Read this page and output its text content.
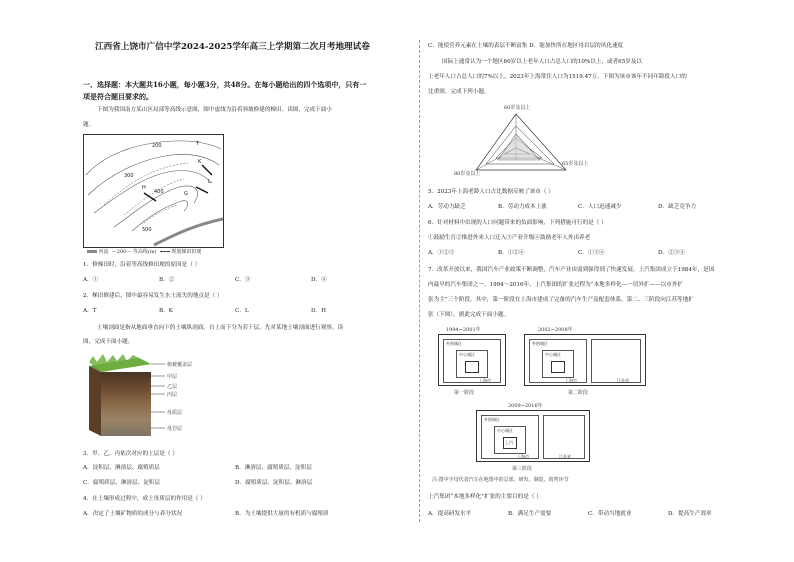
江西省上饶市广信中学2024-2025学年高三上学期第二次月考地理试卷
一、选择题：本大题共16小题，每小题3分，共48分。在每小题给出的四个选项中，只有一
项是符合题目要求的。
下图为我国南方某山区局部等高线示意图，图中虚线为沿着斜坡修建的梯田。读图，完成下面小
题。
200
300
400
500
T
K
L
H
G
河流 —200— 等高线(m)	规划梯田田埂
1．修梯田时，沿着等高线修田埂的原因是（ ）
A．①	B．②	C．③	D．④
2．梯田修建后，图中最容易发生水土流失的地点是（ ）
A．T	B．K	C．L	D．H
土壤剖面是指从地面垂直向下的土壤纵剖面，自上而下分为若干层。先对某地土壤剖面进行观察。读
图，完成下面小题。
植被覆盖层
甲层
乙层
丙层
母质层
母岩层
3．甲、乙、丙依次对应的土层是（ ）
A．淀积层、淋溶层、腐殖质层	B．淋溶层、腐殖质层、淀积层
C．腐殖质层、淋溶层、淀积层	D．腐殖质层、淀积层、淋溶层
4．在土壤形成过程中，成土母质层的作用是（ ）
A．决定了土壤矿物质的成分与养分状况	B．为土壤提供大量的有机质与腐殖质
C．能使营养元素在土壤的表层不断富集 D．能加快所在地区母岩层的风化速度
国际上通常认为一个地区60岁以上老年人口占总人口的10%以上，或者65岁及以
上老年人口占总人口的7%以上，2023年上海常住人口为1519.47万，下图为该市该年不同年龄段人口的
比重图。完成下列小题。
60岁及以上
80岁及以上
65岁及以上
5．2023年上海老龄人口占比数据反映了该市（ ）
A．劳动力缺乏	B．劳动力成本上涨	C．人口迅速减少	D．缺乏竞争力
6．针对材料中出现的人口问题带来的负面影响，下列措施可行的是（ ）
①鼓励生育②推进外来人口迁入③产业升级④鼓励老年人外出养老
A．①②③	B．①②④	C．①③④	D．②③④
7．改革开放以来，我国汽车产业政策不断调整，汽车产业由弱到强得到了快速发展。上汽集团成立于1984年，是国
内最早的汽车集团之一，1994～2016年，上汽集团的扩张过程为“本地多样化—一切外扩——以市外扩
张为主”三个阶段。其中，第一阶段在上海市建成了完备的汽车生产及配套体系，第二、三阶段向江苏等地扩
张（下图）。据此完成下面小题。
1994~2001年
外围城区
中心城区
上海市
第一阶段
2002~2008年
外围城区
中心城区
上海市	江苏省
第二阶段
2009~2016年
外围城区
中心城区
上汽
上海市	江苏省
第三阶段
注:图中字母代表汽车在地图中的总部、研发、制造、销售环节
上汽集团“本地多样化”扩张的主要目的是（ ）
A．提高研发水平	B．满足生产需要	C．带动当地就业	D．提高生产效率
